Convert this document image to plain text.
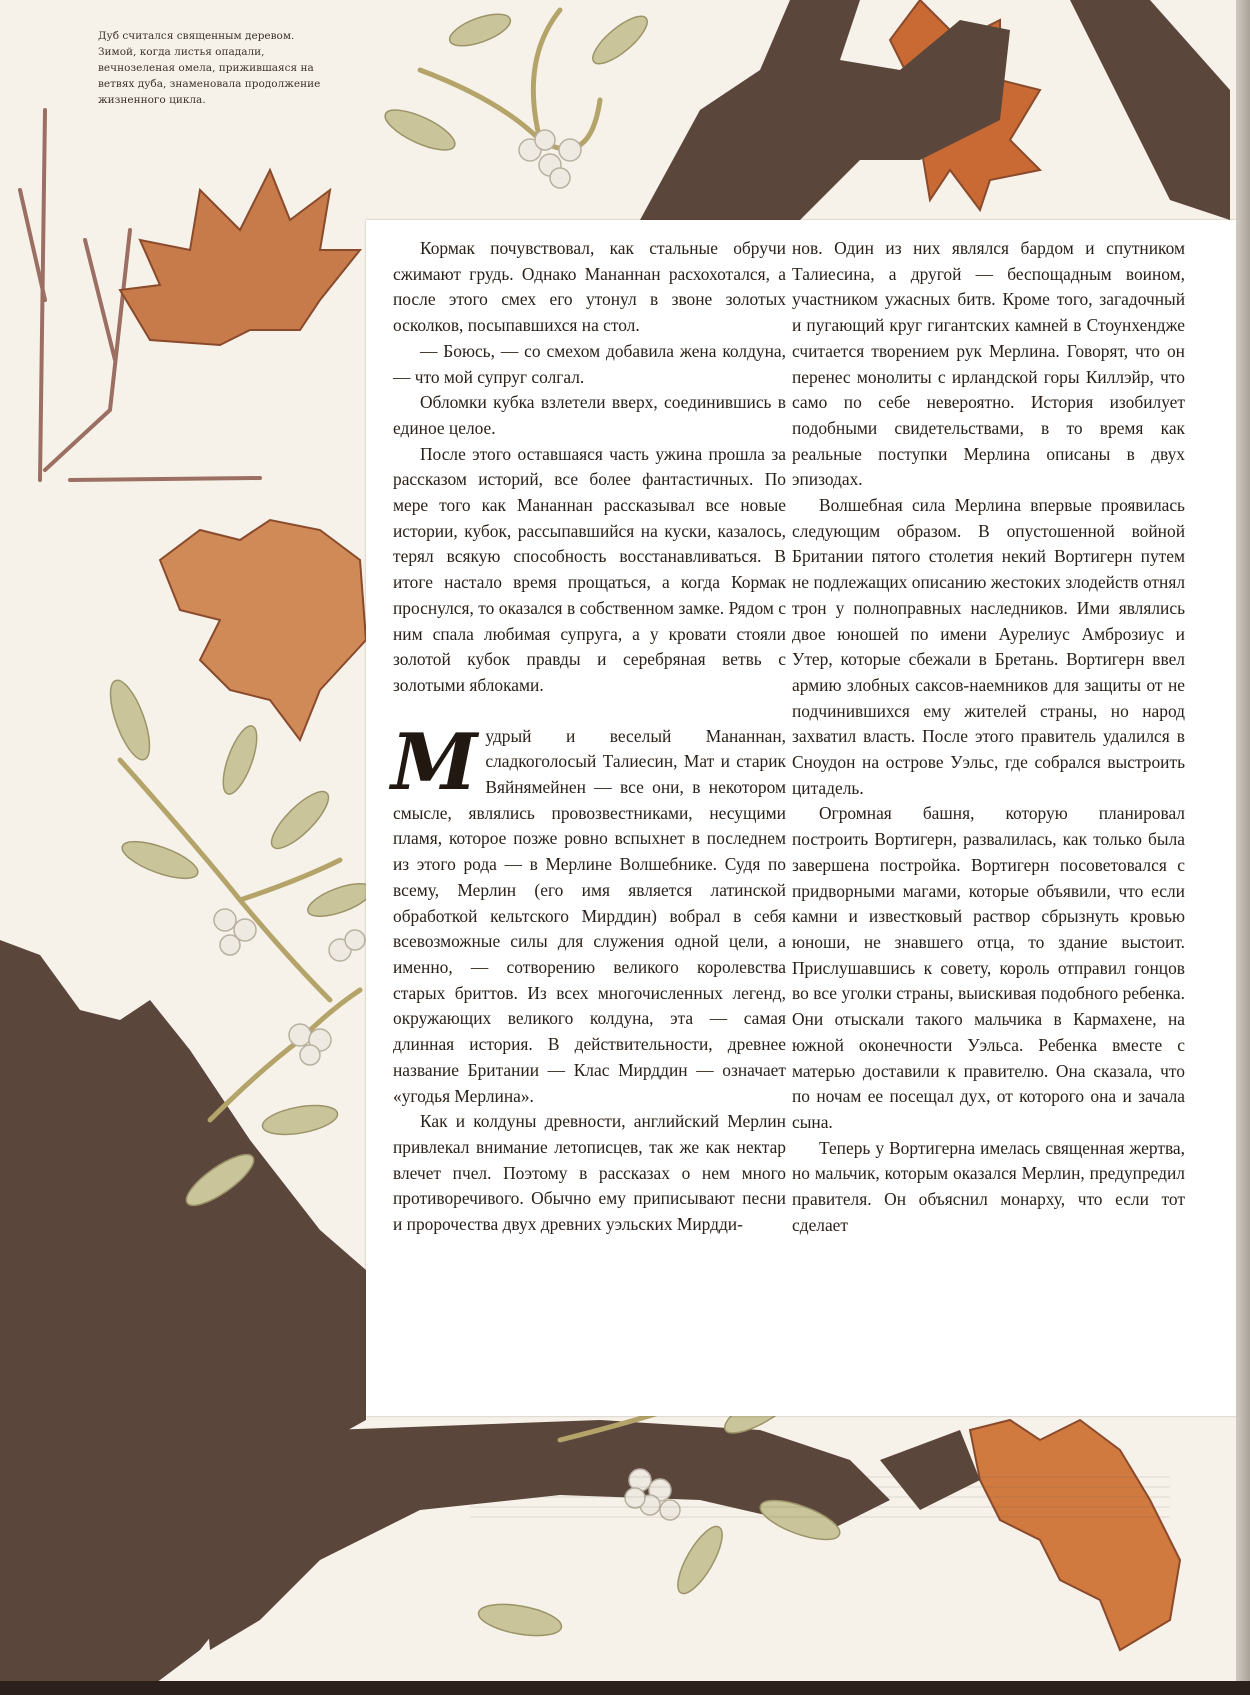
Дуб считался священным деревом. Зимой, когда листья опадали, вечнозеленая омела, прижившаяся на ветвях дуба, знаменовала продолжение жизненного цикла.

Кормак почувствовал, как стальные обручи сжимают грудь. Однако Мананнан расхохотался, а после этого смех его утонул в звоне золотых осколков, посыпавшихся на стол.

— Боюсь, — со смехом добавила жена колдуна, — что мой супруг солгал.

Обломки кубка взлетели вверх, соединившись в единое целое.

После этого оставшаяся часть ужина прошла за рассказом историй, все более фантастичных. По мере того как Мананнан рассказывал все новые истории, кубок, рассыпавшийся на куски, казалось, терял всякую способность восстанавливаться. В итоге настало время прощаться, а когда Кормак проснулся, то оказался в собственном замке. Рядом с ним спала любимая супруга, а у кровати стояли золотой кубок правды и серебряная ветвь с золотыми яблоками.

Мудрый и веселый Мананнан, сладкоголосый Талиесин, Мат и старик Вяйнямейнен — все они, в некотором смысле, являлись провозвестниками, несущими пламя, которое позже ровно вспыхнет в последнем из этого рода — в Мерлине Волшебнике. Судя по всему, Мерлин (его имя является латинской обработкой кельтского Мирддин) вобрал в себя всевозможные силы для служения одной цели, а именно, — сотворению великого королевства старых бриттов. Из всех многочисленных легенд, окружающих великого колдуна, эта — самая длинная история. В действительности, древнее название Британии — Клас Мирддин — означает «угодья Мерлина».

Как и колдуны древности, английский Мерлин привлекал внимание летописцев, так же как нектар влечет пчел. Поэтому в рассказах о нем много противоречивого. Обычно ему приписывают песни и пророчества двух древних уэльских Мирдди-

нов. Один из них являлся бардом и спутником Талиесина, а другой — беспощадным воином, участником ужасных битв. Кроме того, загадочный и пугающий круг гигантских камней в Стоунхендже считается творением рук Мерлина. Говорят, что он перенес монолиты с ирландской горы Киллэйр, что само по себе невероятно. История изобилует подобными свидетельствами, в то время как реальные поступки Мерлина описаны в двух эпизодах.

Волшебная сила Мерлина впервые проявилась следующим образом. В опустошенной войной Британии пятого столетия некий Вортигерн путем не подлежащих описанию жестоких злодейств отнял трон у полноправных наследников. Ими являлись двое юношей по имени Аурелиус Амброзиус и Утер, которые сбежали в Бретань. Вортигерн ввел армию злобных саксов-наемников для защиты от не подчинившихся ему жителей страны, но народ захватил власть. После этого правитель удалился в Сноудон на острове Уэльс, где собрался выстроить цитадель.

Огромная башня, которую планировал построить Вортигерн, развалилась, как только была завершена постройка. Вортигерн посоветовался с придворными магами, которые объявили, что если камни и известковый раствор сбрызнуть кровью юноши, не знавшего отца, то здание выстоит. Прислушавшись к совету, король отправил гонцов во все уголки страны, выискивая подобного ребенка. Они отыскали такого мальчика в Кармахене, на южной оконечности Уэльса. Ребенка вместе с матерью доставили к правителю. Она сказала, что по ночам ее посещал дух, от которого она и зачала сына.

Теперь у Вортигерна имелась священная жертва, но мальчик, которым оказался Мерлин, предупредил правителя. Он объяснил монарху, что если тот сделает
